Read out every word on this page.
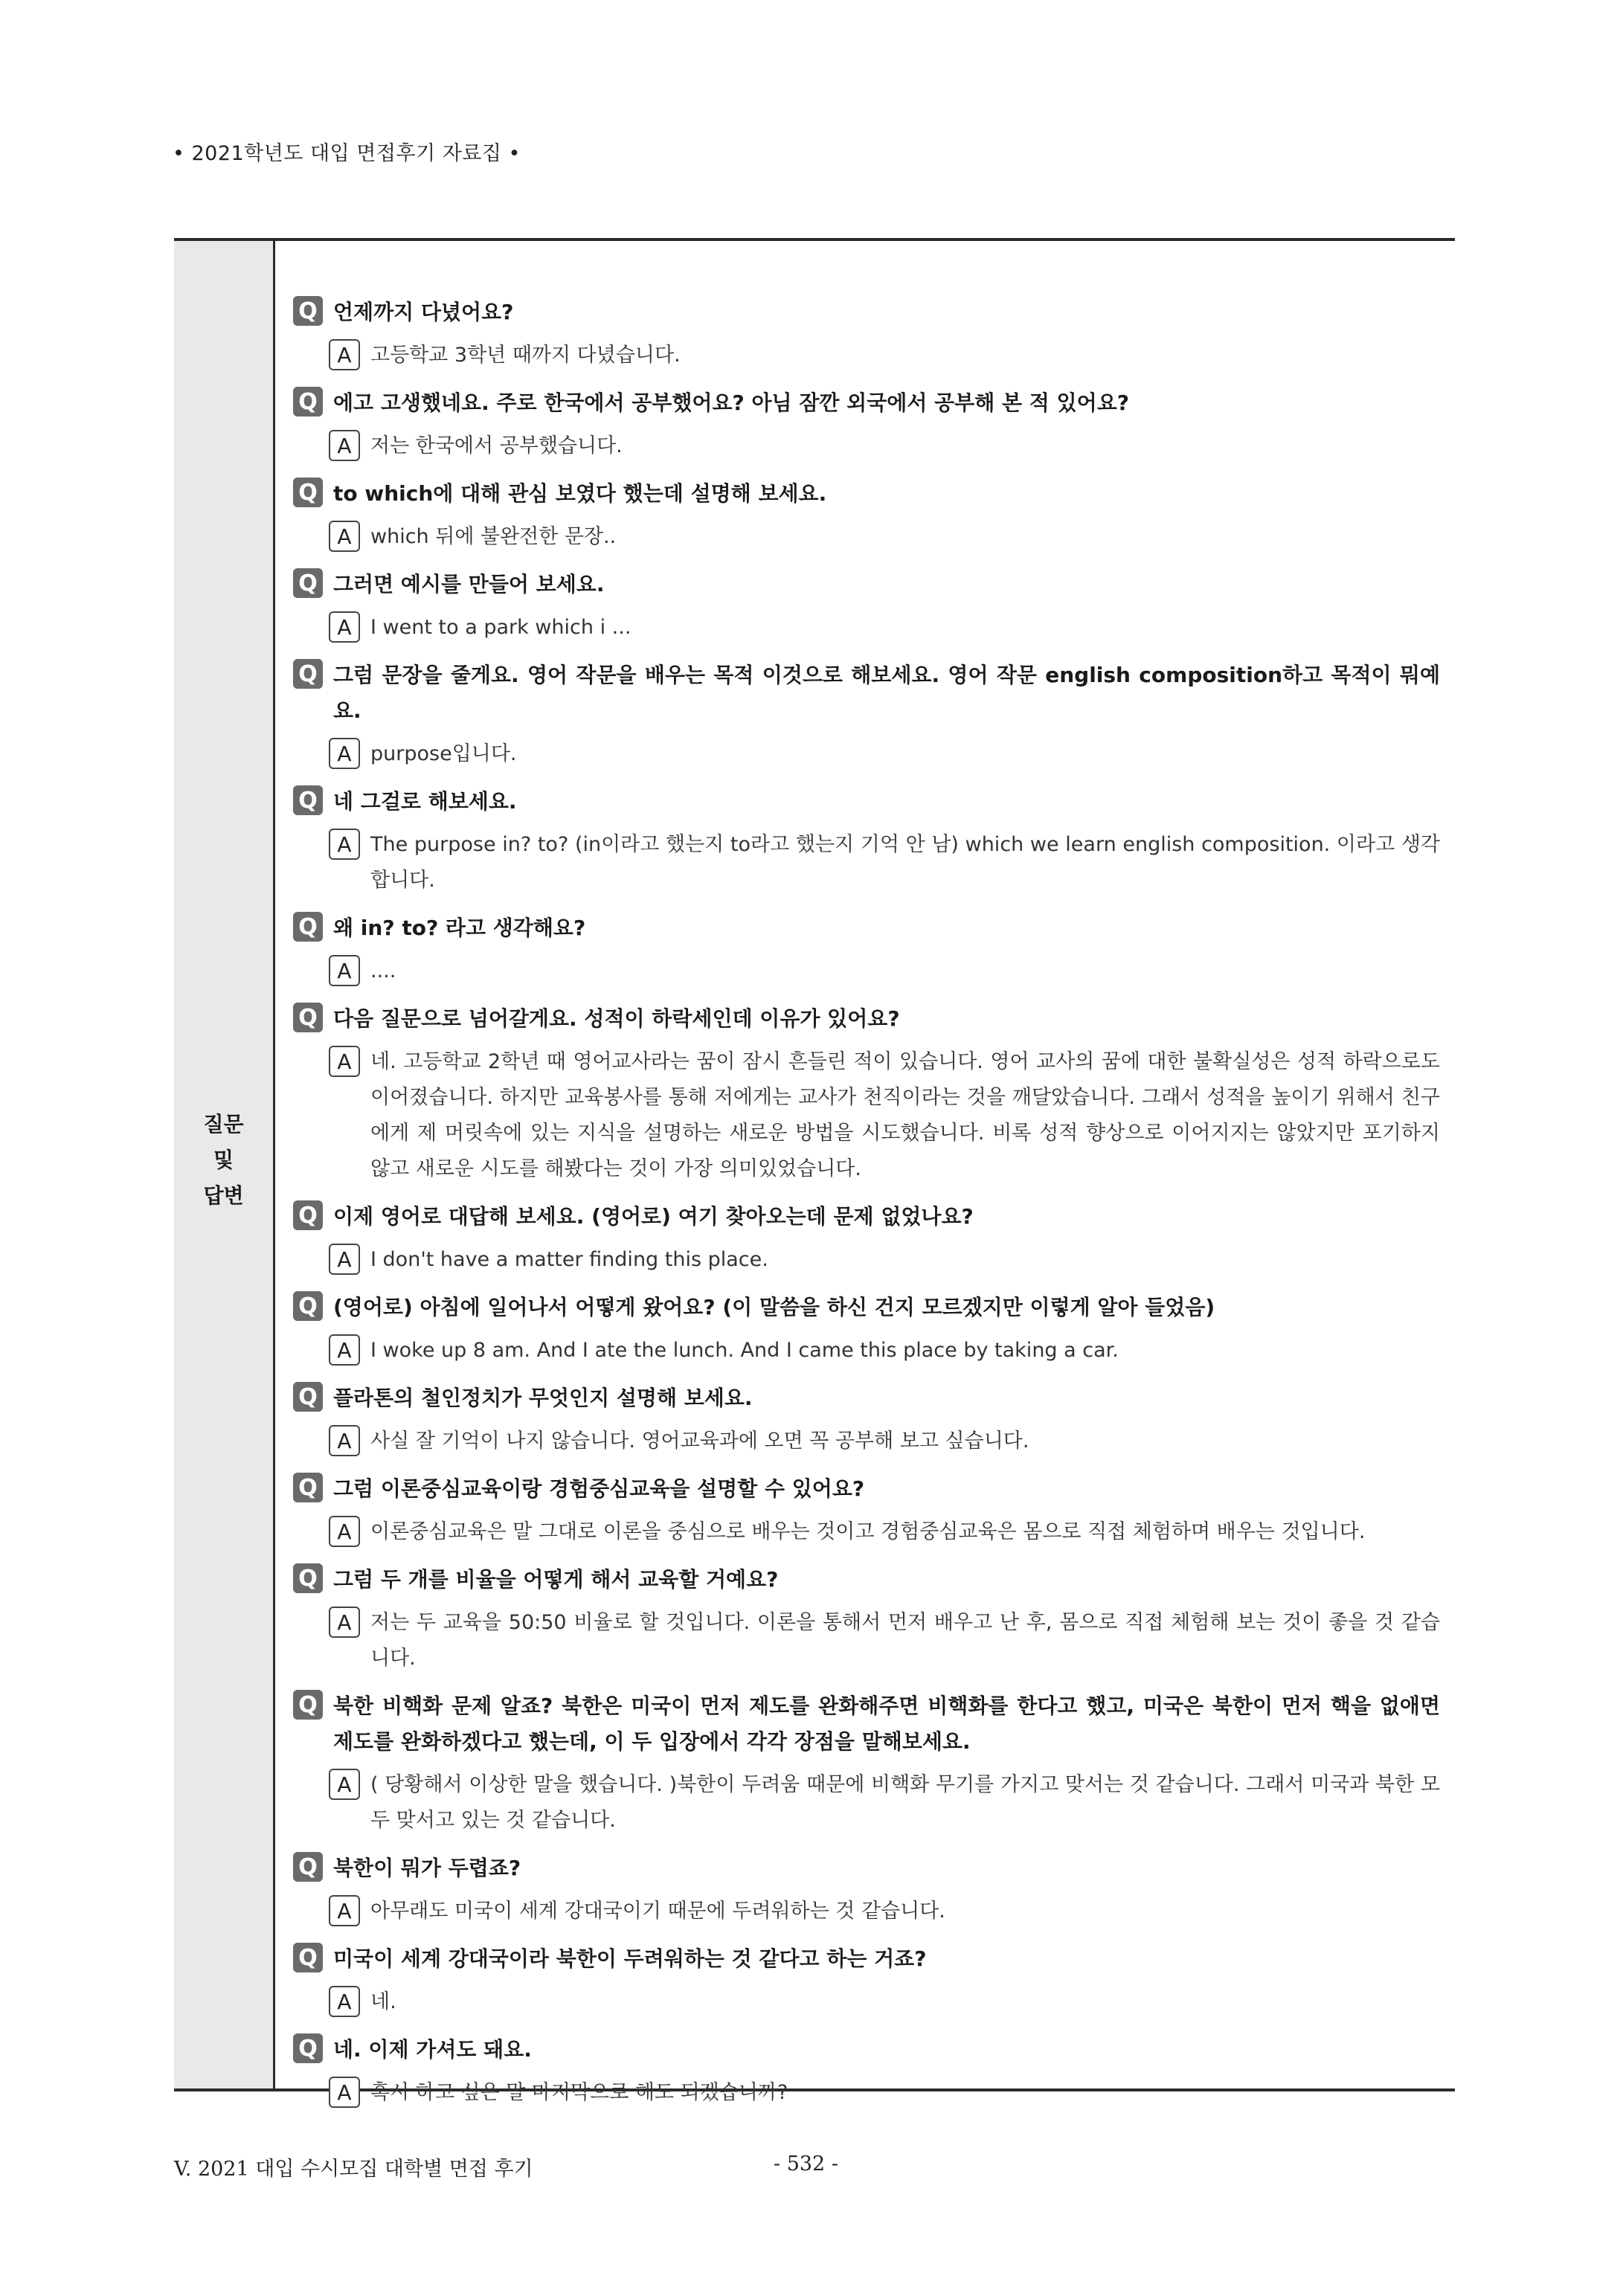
• 2021학년도 대입 면접후기 자료집 •
질문
및
답변
Q 언제까지 다녔어요?
A 고등학교 3학년 때까지 다녔습니다.
Q 에고 고생했네요. 주로 한국에서 공부했어요? 아님 잠깐 외국에서 공부해 본 적 있어요?
A 저는 한국에서 공부했습니다.
Q to which에 대해 관심 보였다 했는데 설명해 보세요.
A which 뒤에 불완전한 문장..
Q 그러면 예시를 만들어 보세요.
A I went to a park which i ...
Q 그럼 문장을 줄게요. 영어 작문을 배우는 목적 이것으로 해보세요. 영어 작문 english composition하고 목적이 뭐예요.
A purpose입니다.
Q 네 그걸로 해보세요.
A The purpose in? to? (in이라고 했는지 to라고 했는지 기억 안 남) which we learn english composition. 이라고 생각합니다.
Q 왜 in? to? 라고 생각해요?
A ....
Q 다음 질문으로 넘어갈게요. 성적이 하락세인데 이유가 있어요?
A 네. 고등학교 2학년 때 영어교사라는 꿈이 잠시 흔들린 적이 있습니다. 영어 교사의 꿈에 대한 불확실성은 성적 하락으로도 이어졌습니다. 하지만 교육봉사를 통해 저에게는 교사가 천직이라는 것을 깨달았습니다. 그래서 성적을 높이기 위해서 친구에게 제 머릿속에 있는 지식을 설명하는 새로운 방법을 시도했습니다. 비록 성적 향상으로 이어지지는 않았지만 포기하지 않고 새로운 시도를 해봤다는 것이 가장 의미있었습니다.
Q 이제 영어로 대답해 보세요. (영어로) 여기 찾아오는데 문제 없었나요?
A I don't have a matter finding this place.
Q (영어로) 아침에 일어나서 어떻게 왔어요? (이 말씀을 하신 건지 모르겠지만 이렇게 알아 들었음)
A I woke up 8 am. And I ate the lunch. And I came this place by taking a car.
Q 플라톤의 철인정치가 무엇인지 설명해 보세요.
A 사실 잘 기억이 나지 않습니다. 영어교육과에 오면 꼭 공부해 보고 싶습니다.
Q 그럼 이론중심교육이랑 경험중심교육을 설명할 수 있어요?
A 이론중심교육은 말 그대로 이론을 중심으로 배우는 것이고 경험중심교육은 몸으로 직접 체험하며 배우는 것입니다.
Q 그럼 두 개를 비율을 어떻게 해서 교육할 거예요?
A 저는 두 교육을 50:50 비율로 할 것입니다. 이론을 통해서 먼저 배우고 난 후, 몸으로 직접 체험해 보는 것이 좋을 것 같습니다.
Q 북한 비핵화 문제 알죠? 북한은 미국이 먼저 제도를 완화해주면 비핵화를 한다고 했고, 미국은 북한이 먼저 핵을 없애면 제도를 완화하겠다고 했는데, 이 두 입장에서 각각 장점을 말해보세요.
A ( 당황해서 이상한 말을 했습니다. )북한이 두려움 때문에 비핵화 무기를 가지고 맞서는 것 같습니다. 그래서 미국과 북한 모두 맞서고 있는 것 같습니다.
Q 북한이 뭐가 두렵죠?
A 아무래도 미국이 세계 강대국이기 때문에 두려워하는 것 같습니다.
Q 미국이 세계 강대국이라 북한이 두려워하는 것 같다고 하는 거죠?
A 네.
Q 네. 이제 가셔도 돼요.
A 혹시 하고 싶은 말 마지막으로 해도 되겠습니까?
V. 2021 대입 수시모집 대학별 면접 후기	- 532 -
